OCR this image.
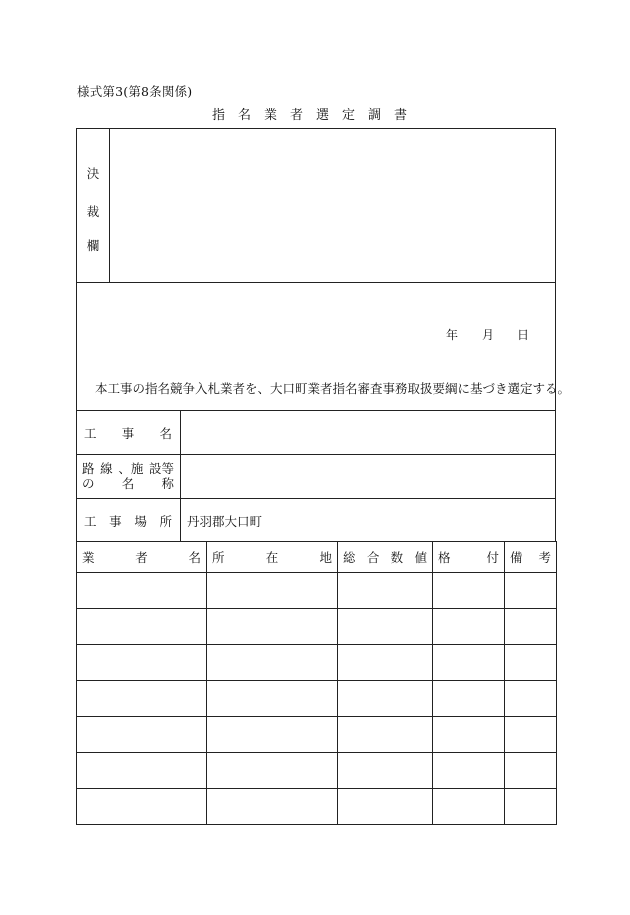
様式第3(第8条関係)
指名業者選定調書
決
裁
欄
年 月 日
本工事の指名競争入札業者を、大口町業者指名審査事務取扱要綱に基づき選定する。
工 事 名
路 線 、施 設等
の 名 称
工 事 場 所 丹羽郡大口町
業 者 名	所 在 地	総 合 数 値	格 付	備 考
